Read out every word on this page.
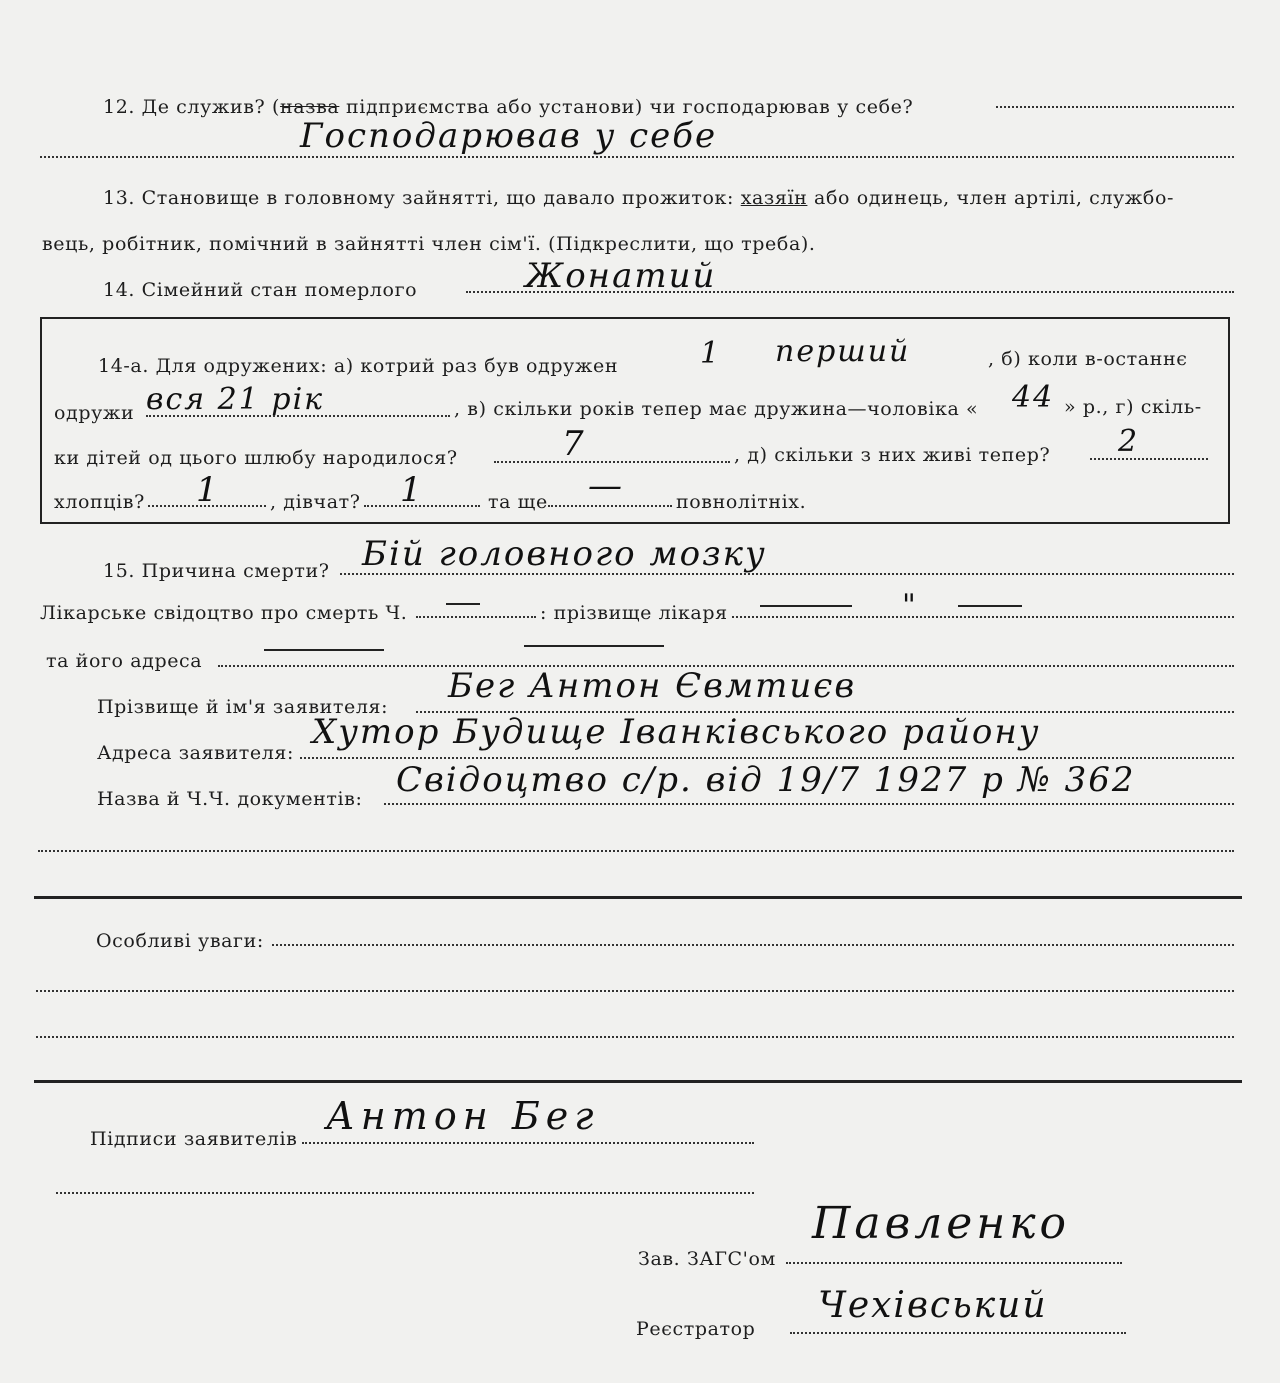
12. Де служив? (назва підприємства або установи) чи господарював у себе?
Господарював у себе
13. Становище в головному зайнятті, що давало прожиток: хазяїн або одинець, член артілі, службо-
вець, робітник, помічний в зайнятті член сім'ї. (Підкреслити, що треба).
14. Сімейний стан померлого	Жонатий
14-а. Для одружених: а) котрий раз був одружен	1 перший	, б) коли в-останнє
одружи вся 21 рік	, в) скільки років тепер має дружина—чоловіка « 44 » р., г) скіль-
ки дітей од цього шлюбу народилося?	7	, д) скільки з них живі тепер? 2
хлопців? 1	, дівчат? 1	та ще —	повнолітніх.
15. Причина смерти? Бій головного мозку
Лікарське свідоцтво про смерть Ч.	: прізвище лікаря	"
та його адреса
Прізвище й ім'я заявителя:
Бег Антон Євмтиєв
Адреса заявителя:
Хутор Будище Іванківського району
Назва й Ч.Ч. документів: Свідоцтво с/р. від 19/7 1927 р № 362
Особливі уваги:
Підписи заявителів
Антон Бег
Зав. ЗАГС'ом
Павленко
Реєстратор
Чехівський
